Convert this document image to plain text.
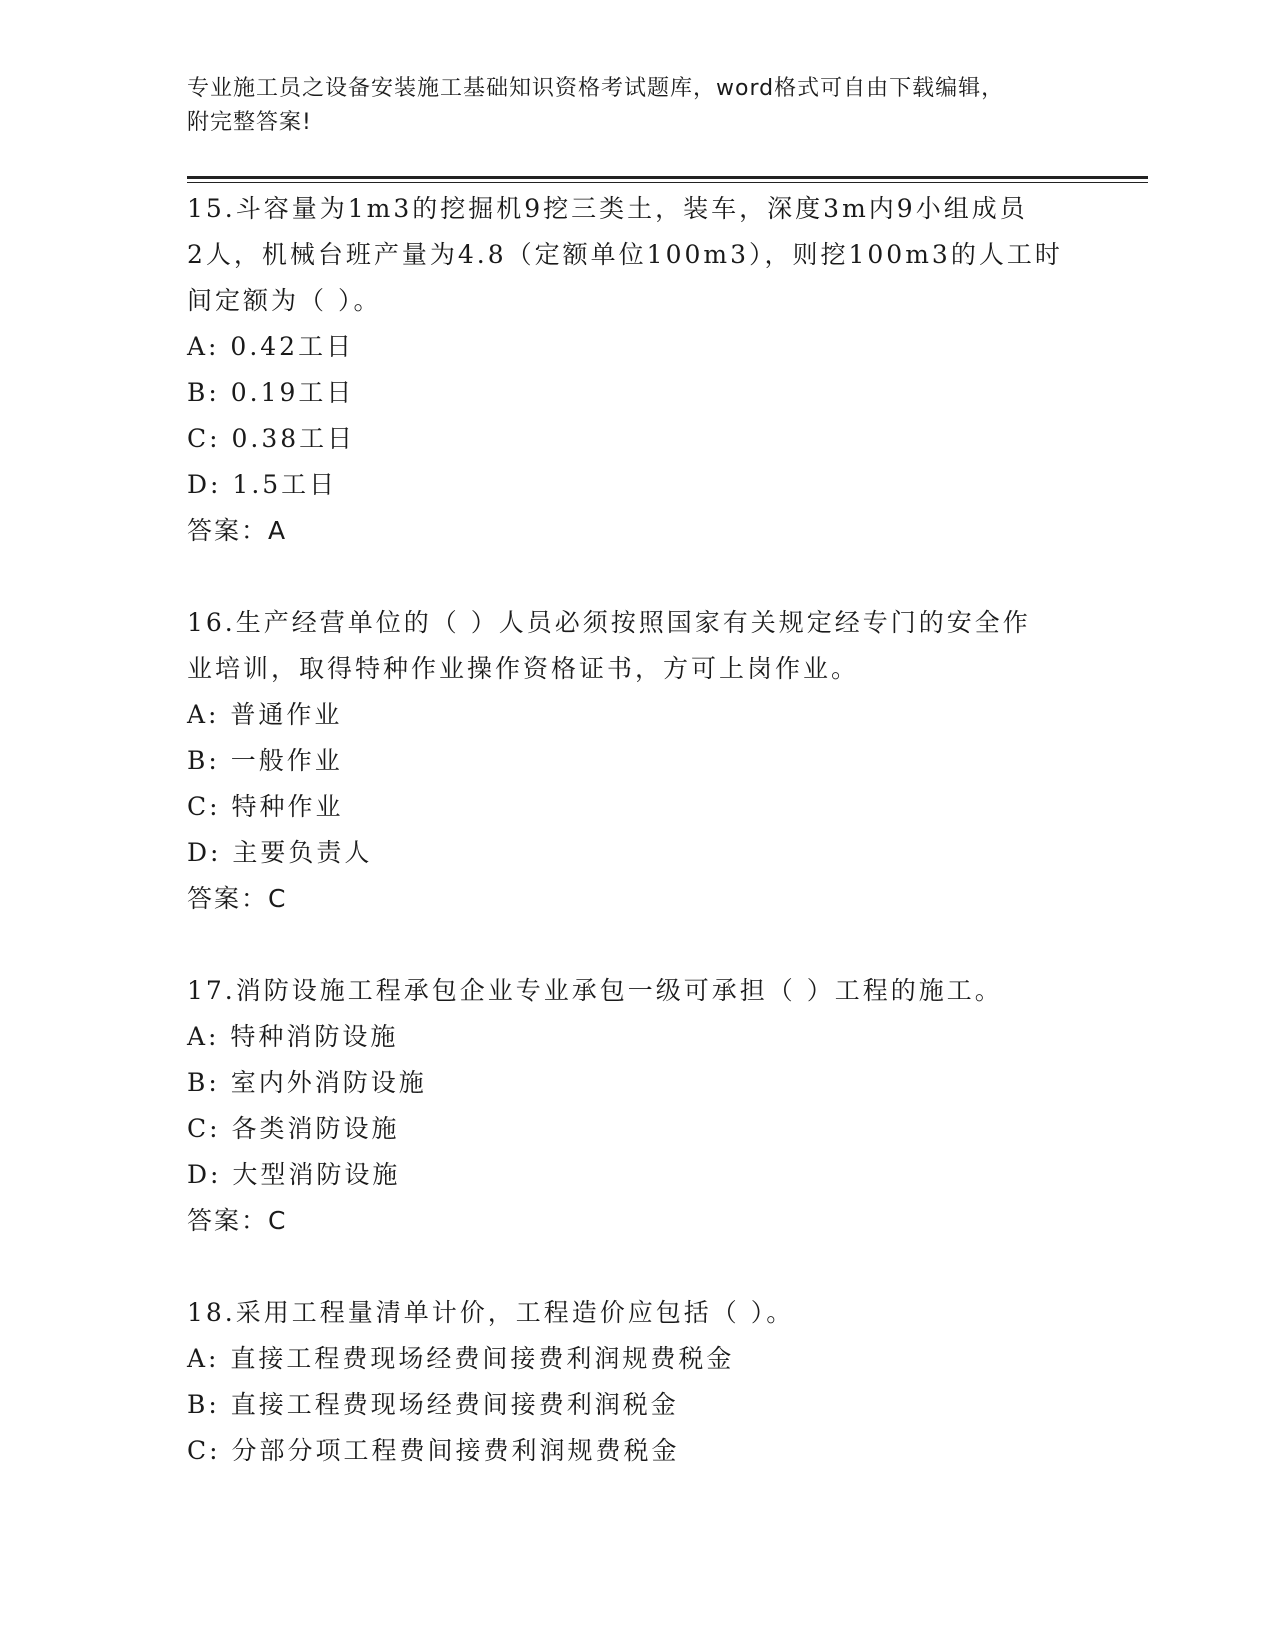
专业施工员之设备安装施工基础知识资格考试题库，word格式可自由下载编辑，
附完整答案!
15.斗容量为1m3的挖掘机9挖三类土，装车，深度3m内9小组成员
2人，机械台班产量为4.8（定额单位100m3），则挖100m3的人工时
间定额为（ ）。
A: 0.42工日
B: 0.19工日
C: 0.38工日
D: 1.5工日
答案：A
16.生产经营单位的（ ）人员必须按照国家有关规定经专门的安全作
业培训，取得特种作业操作资格证书，方可上岗作业。
A: 普通作业
B: 一般作业
C: 特种作业
D: 主要负责人
答案：C
17.消防设施工程承包企业专业承包一级可承担（ ）工程的施工。
A: 特种消防设施
B: 室内外消防设施
C: 各类消防设施
D: 大型消防设施
答案：C
18.采用工程量清单计价，工程造价应包括（ ）。
A: 直接工程费现场经费间接费利润规费税金
B: 直接工程费现场经费间接费利润税金
C: 分部分项工程费间接费利润规费税金
